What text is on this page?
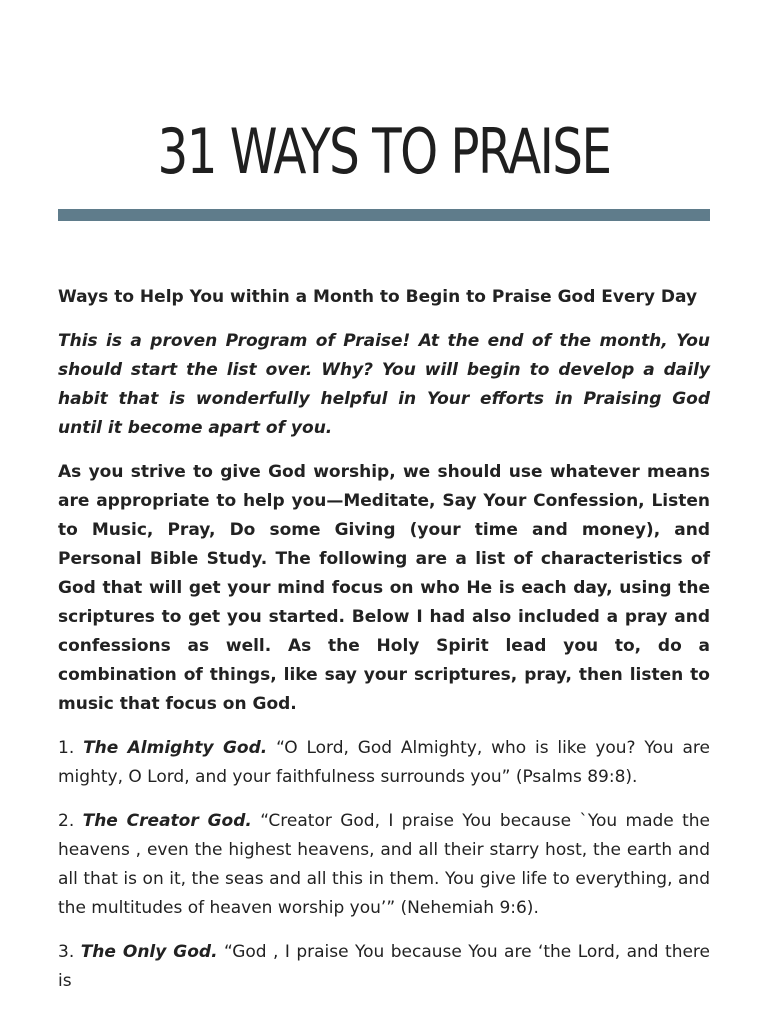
31 WAYS TO PRAISE

Ways to Help You within a Month to Begin to Praise God Every Day

This is a proven Program of Praise! At the end of the month, You should start the list over. Why? You will begin to develop a daily habit that is wonderfully helpful in Your efforts in Praising God until it become apart of you.

As you strive to give God worship, we should use whatever means are appropriate to help you—Meditate, Say Your Confession, Listen to Music, Pray, Do some Giving (your time and money), and Personal Bible Study. The following are a list of characteristics of God that will get your mind focus on who He is each day, using the scriptures to get you started. Below I had also included a pray and confessions as well. As the Holy Spirit lead you to, do a combination of things, like say your scriptures, pray, then listen to music that focus on God.

1. The Almighty God. “O Lord, God Almighty, who is like you? You are mighty, O Lord, and your faithfulness surrounds you” (Psalms 89:8).

2. The Creator God. “Creator God, I praise You because `You made the heavens , even the highest heavens, and all their starry host, the earth and all that is on it, the seas and all this in them. You give life to everything, and the multitudes of heaven worship you’” (Nehemiah 9:6).

3. The Only God. “God , I praise You because You are ‘the Lord, and there is
